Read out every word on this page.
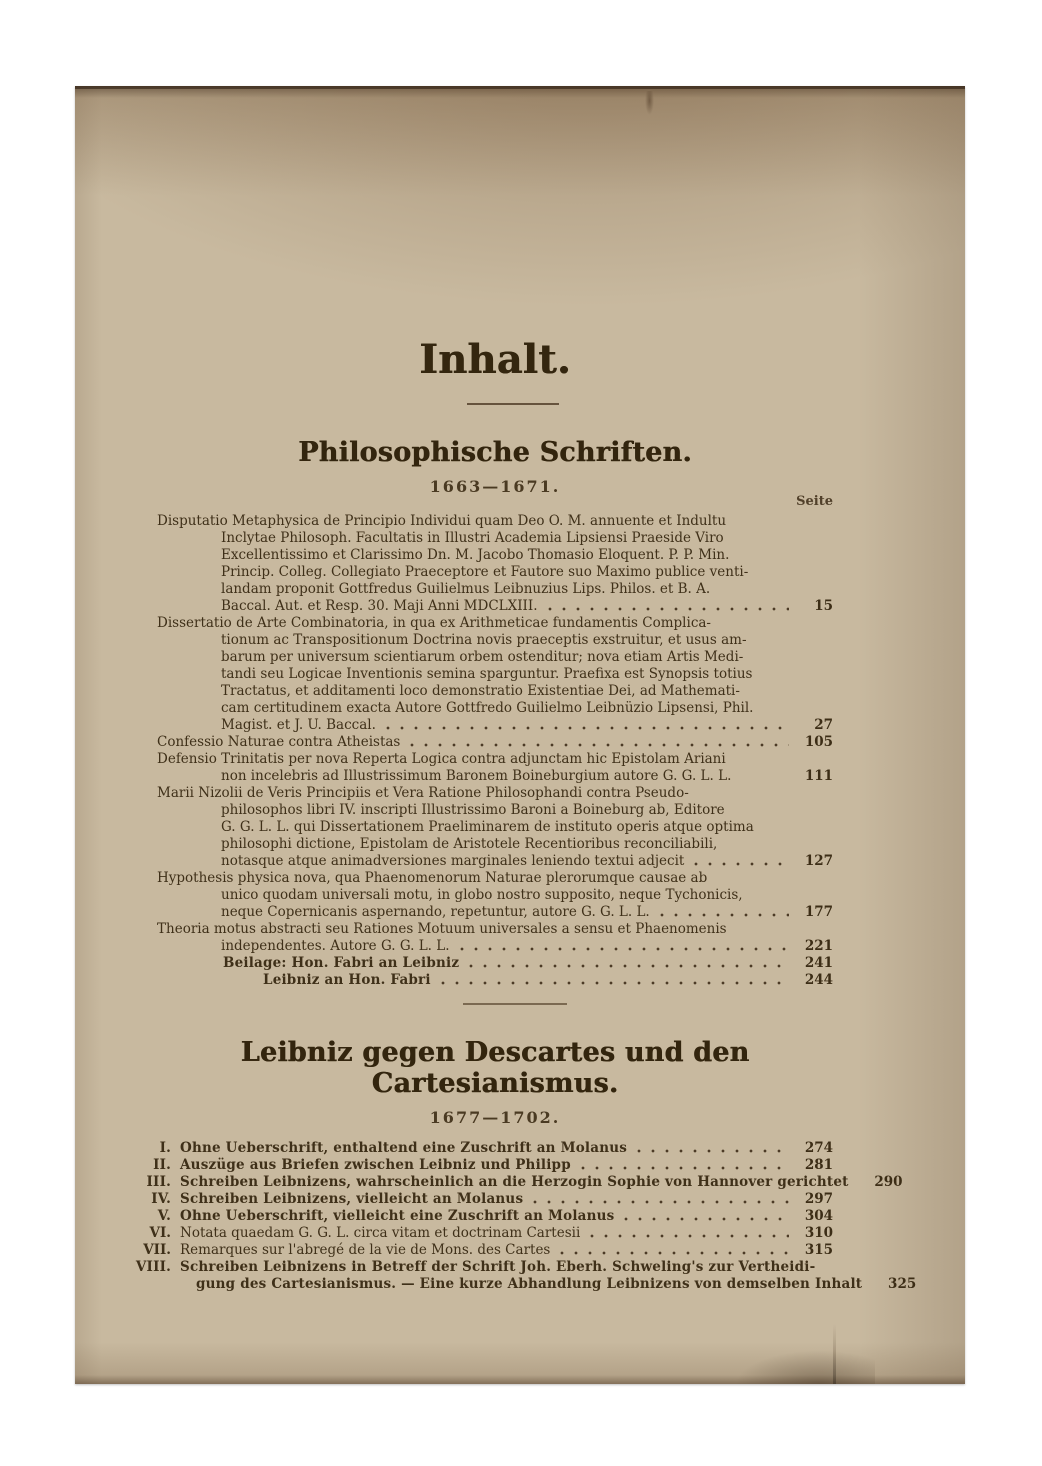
Inhalt.
Philosophische Schriften.
1663—1671.
Seite
Disputatio Metaphysica de Principio Individui quam Deo O. M. annuente et Indultu
Inclytae Philosoph. Facultatis in Illustri Academia Lipsiensi Praeside Viro
Excellentissimo et Clarissimo Dn. M. Jacobo Thomasio Eloquent. P. P. Min.
Princip. Colleg. Collegiato Praeceptore et Fautore suo Maximo publice venti-
landam proponit Gottfredus Guilielmus Leibnuzius Lips. Philos. et B. A.
Baccal. Aut. et Resp. 30. Maji Anni MDCLXIII.	15
Dissertatio de Arte Combinatoria, in qua ex Arithmeticae fundamentis Complica-
tionum ac Transpositionum Doctrina novis praeceptis exstruitur, et usus am-
barum per universum scientiarum orbem ostenditur; nova etiam Artis Medi-
tandi seu Logicae Inventionis semina sparguntur. Praefixa est Synopsis totius
Tractatus, et additamenti loco demonstratio Existentiae Dei, ad Mathemati-
cam certitudinem exacta Autore Gottfredo Guilielmo Leibnüzio Lipsensi, Phil.
Magist. et J. U. Baccal.	27
Confessio Naturae contra Atheistas	105
Defensio Trinitatis per nova Reperta Logica contra adjunctam hic Epistolam Ariani
non incelebris ad Illustrissimum Baronem Boineburgium autore G. G. L. L.	111
Marii Nizolii de Veris Principiis et Vera Ratione Philosophandi contra Pseudo-
philosophos libri IV. inscripti Illustrissimo Baroni a Boineburg ab, Editore
G. G. L. L. qui Dissertationem Praeliminarem de instituto operis atque optima
philosophi dictione, Epistolam de Aristotele Recentioribus reconciliabili,
notasque atque animadversiones marginales leniendo textui adjecit	127
Hypothesis physica nova, qua Phaenomenorum Naturae plerorumque causae ab
unico quodam universali motu, in globo nostro supposito, neque Tychonicis,
neque Copernicanis aspernando, repetuntur, autore G. G. L. L.	177
Theoria motus abstracti seu Rationes Motuum universales a sensu et Phaenomenis
independentes. Autore G. G. L. L.	221
Beilage: Hon. Fabri an Leibniz	241
Leibniz an Hon. Fabri	244
Leibniz gegen Descartes und den Cartesianismus.
1677—1702.
I. Ohne Ueberschrift, enthaltend eine Zuschrift an Molanus	274
II. Auszüge aus Briefen zwischen Leibniz und Philipp	281
III. Schreiben Leibnizens, wahrscheinlich an die Herzogin Sophie von Hannover gerichtet	290
IV. Schreiben Leibnizens, vielleicht an Molanus	297
V. Ohne Ueberschrift, vielleicht eine Zuschrift an Molanus	304
VI. Notata quaedam G. G. L. circa vitam et doctrinam Cartesii	310
VII. Remarques sur l'abregé de la vie de Mons. des Cartes	315
VIII. Schreiben Leibnizens in Betreff der Schrift Joh. Eberh. Schweling's zur Vertheidi-
gung des Cartesianismus. — Eine kurze Abhandlung Leibnizens von demselben Inhalt	325
